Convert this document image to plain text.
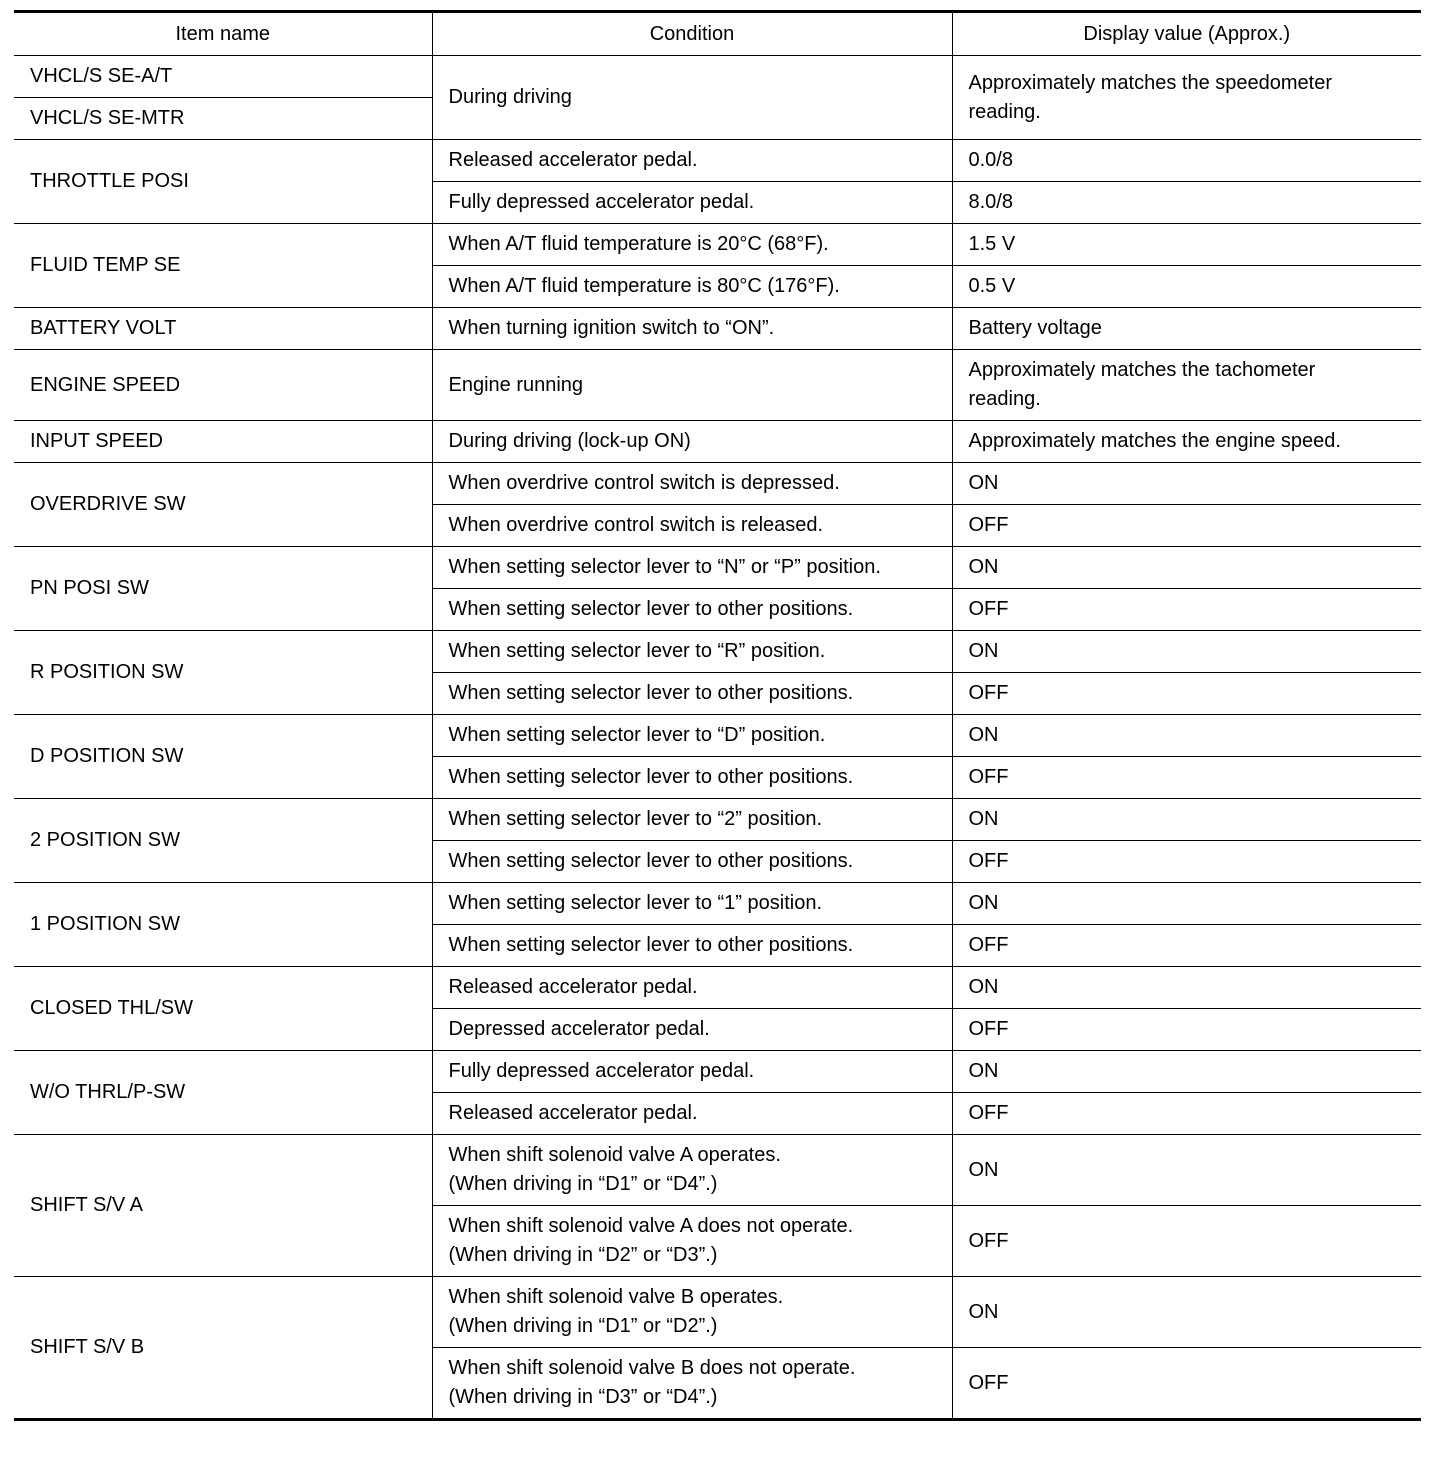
Item name	Condition	Display value (Approx.)
VHCL/S SE-A/T	During driving	Approximately matches the speedometer
reading.
VHCL/S SE-MTR		
THROTTLE POSI	Released accelerator pedal.	0.0/8
	Fully depressed accelerator pedal.	8.0/8
FLUID TEMP SE	When A/T fluid temperature is 20°C (68°F).	1.5 V
	When A/T fluid temperature is 80°C (176°F).	0.5 V
BATTERY VOLT	When turning ignition switch to “ON”.	Battery voltage
ENGINE SPEED	Engine running	Approximately matches the tachometer
reading.
INPUT SPEED	During driving (lock-up ON)	Approximately matches the engine speed.
OVERDRIVE SW	When overdrive control switch is depressed.	ON
	When overdrive control switch is released.	OFF
PN POSI SW	When setting selector lever to “N” or “P” position.	ON
	When setting selector lever to other positions.	OFF
R POSITION SW	When setting selector lever to “R” position.	ON
	When setting selector lever to other positions.	OFF
D POSITION SW	When setting selector lever to “D” position.	ON
	When setting selector lever to other positions.	OFF
2 POSITION SW	When setting selector lever to “2” position.	ON
	When setting selector lever to other positions.	OFF
1 POSITION SW	When setting selector lever to “1” position.	ON
	When setting selector lever to other positions.	OFF
CLOSED THL/SW	Released accelerator pedal.	ON
	Depressed accelerator pedal.	OFF
W/O THRL/P-SW	Fully depressed accelerator pedal.	ON
	Released accelerator pedal.	OFF
SHIFT S/V A	When shift solenoid valve A operates.
(When driving in “D1” or “D4”.)	ON
	When shift solenoid valve A does not operate.
(When driving in “D2” or “D3”.)	OFF
SHIFT S/V B	When shift solenoid valve B operates.
(When driving in “D1” or “D2”.)	ON
	When shift solenoid valve B does not operate.
(When driving in “D3” or “D4”.)	OFF
